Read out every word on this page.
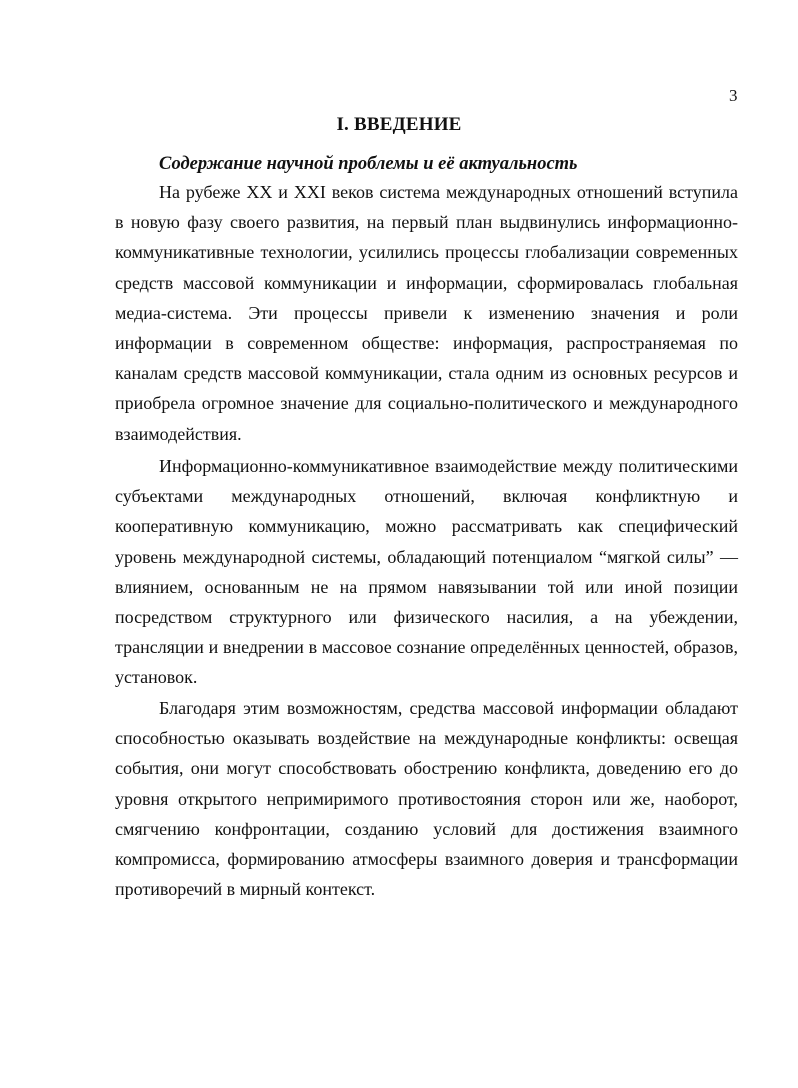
3
I. ВВЕДЕНИЕ
Содержание научной проблемы и её актуальность

На рубеже XX и XXI веков система международных отношений вступила в новую фазу своего развития, на первый план выдвинулись информационно-коммуникативные технологии, усилились процессы глобализации современных средств массовой коммуникации и информации, сформировалась глобальная медиа-система. Эти процессы привели к изменению значения и роли информации в современном обществе: информация, распространяемая по каналам средств массовой коммуникации, стала одним из основных ресурсов и приобрела огромное значение для социально-политического и международного взаимодействия.

Информационно-коммуникативное взаимодействие между политическими субъектами международных отношений, включая конфликтную и кооперативную коммуникацию, можно рассматривать как специфический уровень международной системы, обладающий потенциалом “мягкой силы” — влиянием, основанным не на прямом навязывании той или иной позиции посредством структурного или физического насилия, а на убеждении, трансляции и внедрении в массовое сознание определённых ценностей, образов, установок.

Благодаря этим возможностям, средства массовой информации обладают способностью оказывать воздействие на международные конфликты: освещая события, они могут способствовать обострению конфликта, доведению его до уровня открытого непримиримого противостояния сторон или же, наоборот, смягчению конфронтации, созданию условий для достижения взаимного компромисса, формированию атмосферы взаимного доверия и трансформации противоречий в мирный контекст.
